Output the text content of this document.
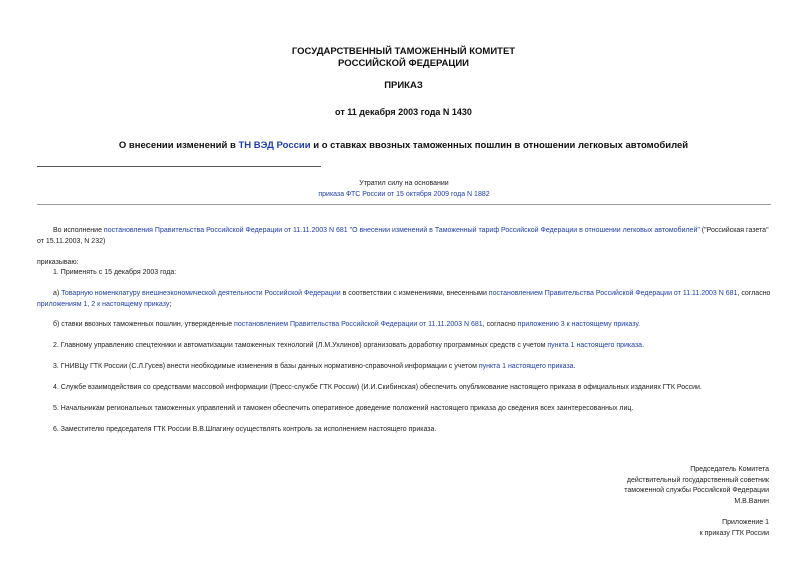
ГОСУДАРСТВЕННЫЙ ТАМОЖЕННЫЙ КОМИТЕТ
РОССИЙСКОЙ ФЕДЕРАЦИИ
ПРИКАЗ
от 11 декабря 2003 года N 1430
О внесении изменений в ТН ВЭД России и о ставках ввозных таможенных пошлин в отношении легковых автомобилей
Утратил силу на основании
приказа ФТС России от 15 октября 2009 года N 1882
Во исполнение постановления Правительства Российской Федерации от 11.11.2003 N 681 "О внесении изменений в Таможенный тариф Российской Федерации в отношении легковых автомобилей" ("Российская газета" от 15.11.2003, N 232)
приказываю:
1. Применять с 15 декабря 2003 года:
а) Товарную номенклатуру внешнеэкономической деятельности Российской Федерации в соответствии с изменениями, внесенными постановлением Правительства Российской Федерации от 11.11.2003 N 681, согласно приложениям 1, 2 к настоящему приказу;
б) ставки ввозных таможенных пошлин, утвержденные постановлением Правительства Российской Федерации от 11.11.2003 N 681, согласно приложению 3 к настоящему приказу.
2. Главному управлению спецтехники и автоматизации таможенных технологий (Л.М.Ухлинов) организовать доработку программных средств с учетом пункта 1 настоящего приказа.
3. ГНИВЦу ГТК России (С.Л.Гусев) внести необходимые изменения в базы данных нормативно-справочной информации с учетом пункта 1 настоящего приказа.
4. Службе взаимодействия со средствами массовой информации (Пресс-службе ГТК России) (И.И.Скибинская) обеспечить опубликование настоящего приказа в официальных изданиях ГТК России.
5. Начальникам региональных таможенных управлений и таможен обеспечить оперативное доведение положений настоящего приказа до сведения всех заинтересованных лиц.
6. Заместителю председателя ГТК России В.В.Шпагину осуществлять контроль за исполнением настоящего приказа.
Председатель Комитета
действительный государственный советник
таможенной службы Российской Федерации
М.В.Ванин
Приложение 1
к приказу ГТК России
